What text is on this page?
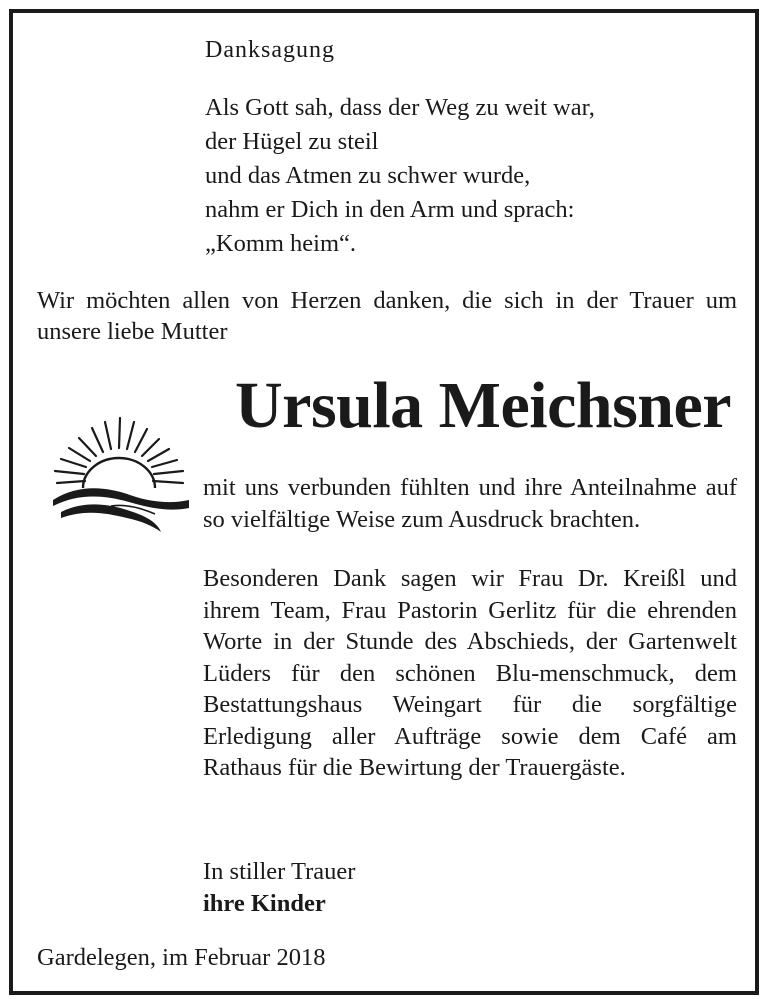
Danksagung
Als Gott sah, dass der Weg zu weit war,
der Hügel zu steil
und das Atmen zu schwer wurde,
nahm er Dich in den Arm und sprach:
„Komm heim“.
Wir möchten allen von Herzen danken, die sich in der Trauer um unsere liebe Mutter
Ursula Meichsner
mit uns verbunden fühlten und ihre Anteilnahme auf so vielfältige Weise zum Ausdruck brachten.
Besonderen Dank sagen wir Frau Dr. Kreißl und ihrem Team, Frau Pastorin Gerlitz für die ehrenden Worte in der Stunde des Abschieds, der Gartenwelt Lüders für den schönen Blu-menschmuck, dem Bestattungshaus Weingart für die sorgfältige Erledigung aller Aufträge sowie dem Café am Rathaus für die Bewirtung der Trauergäste.
In stiller Trauer
ihre Kinder
Gardelegen, im Februar 2018
